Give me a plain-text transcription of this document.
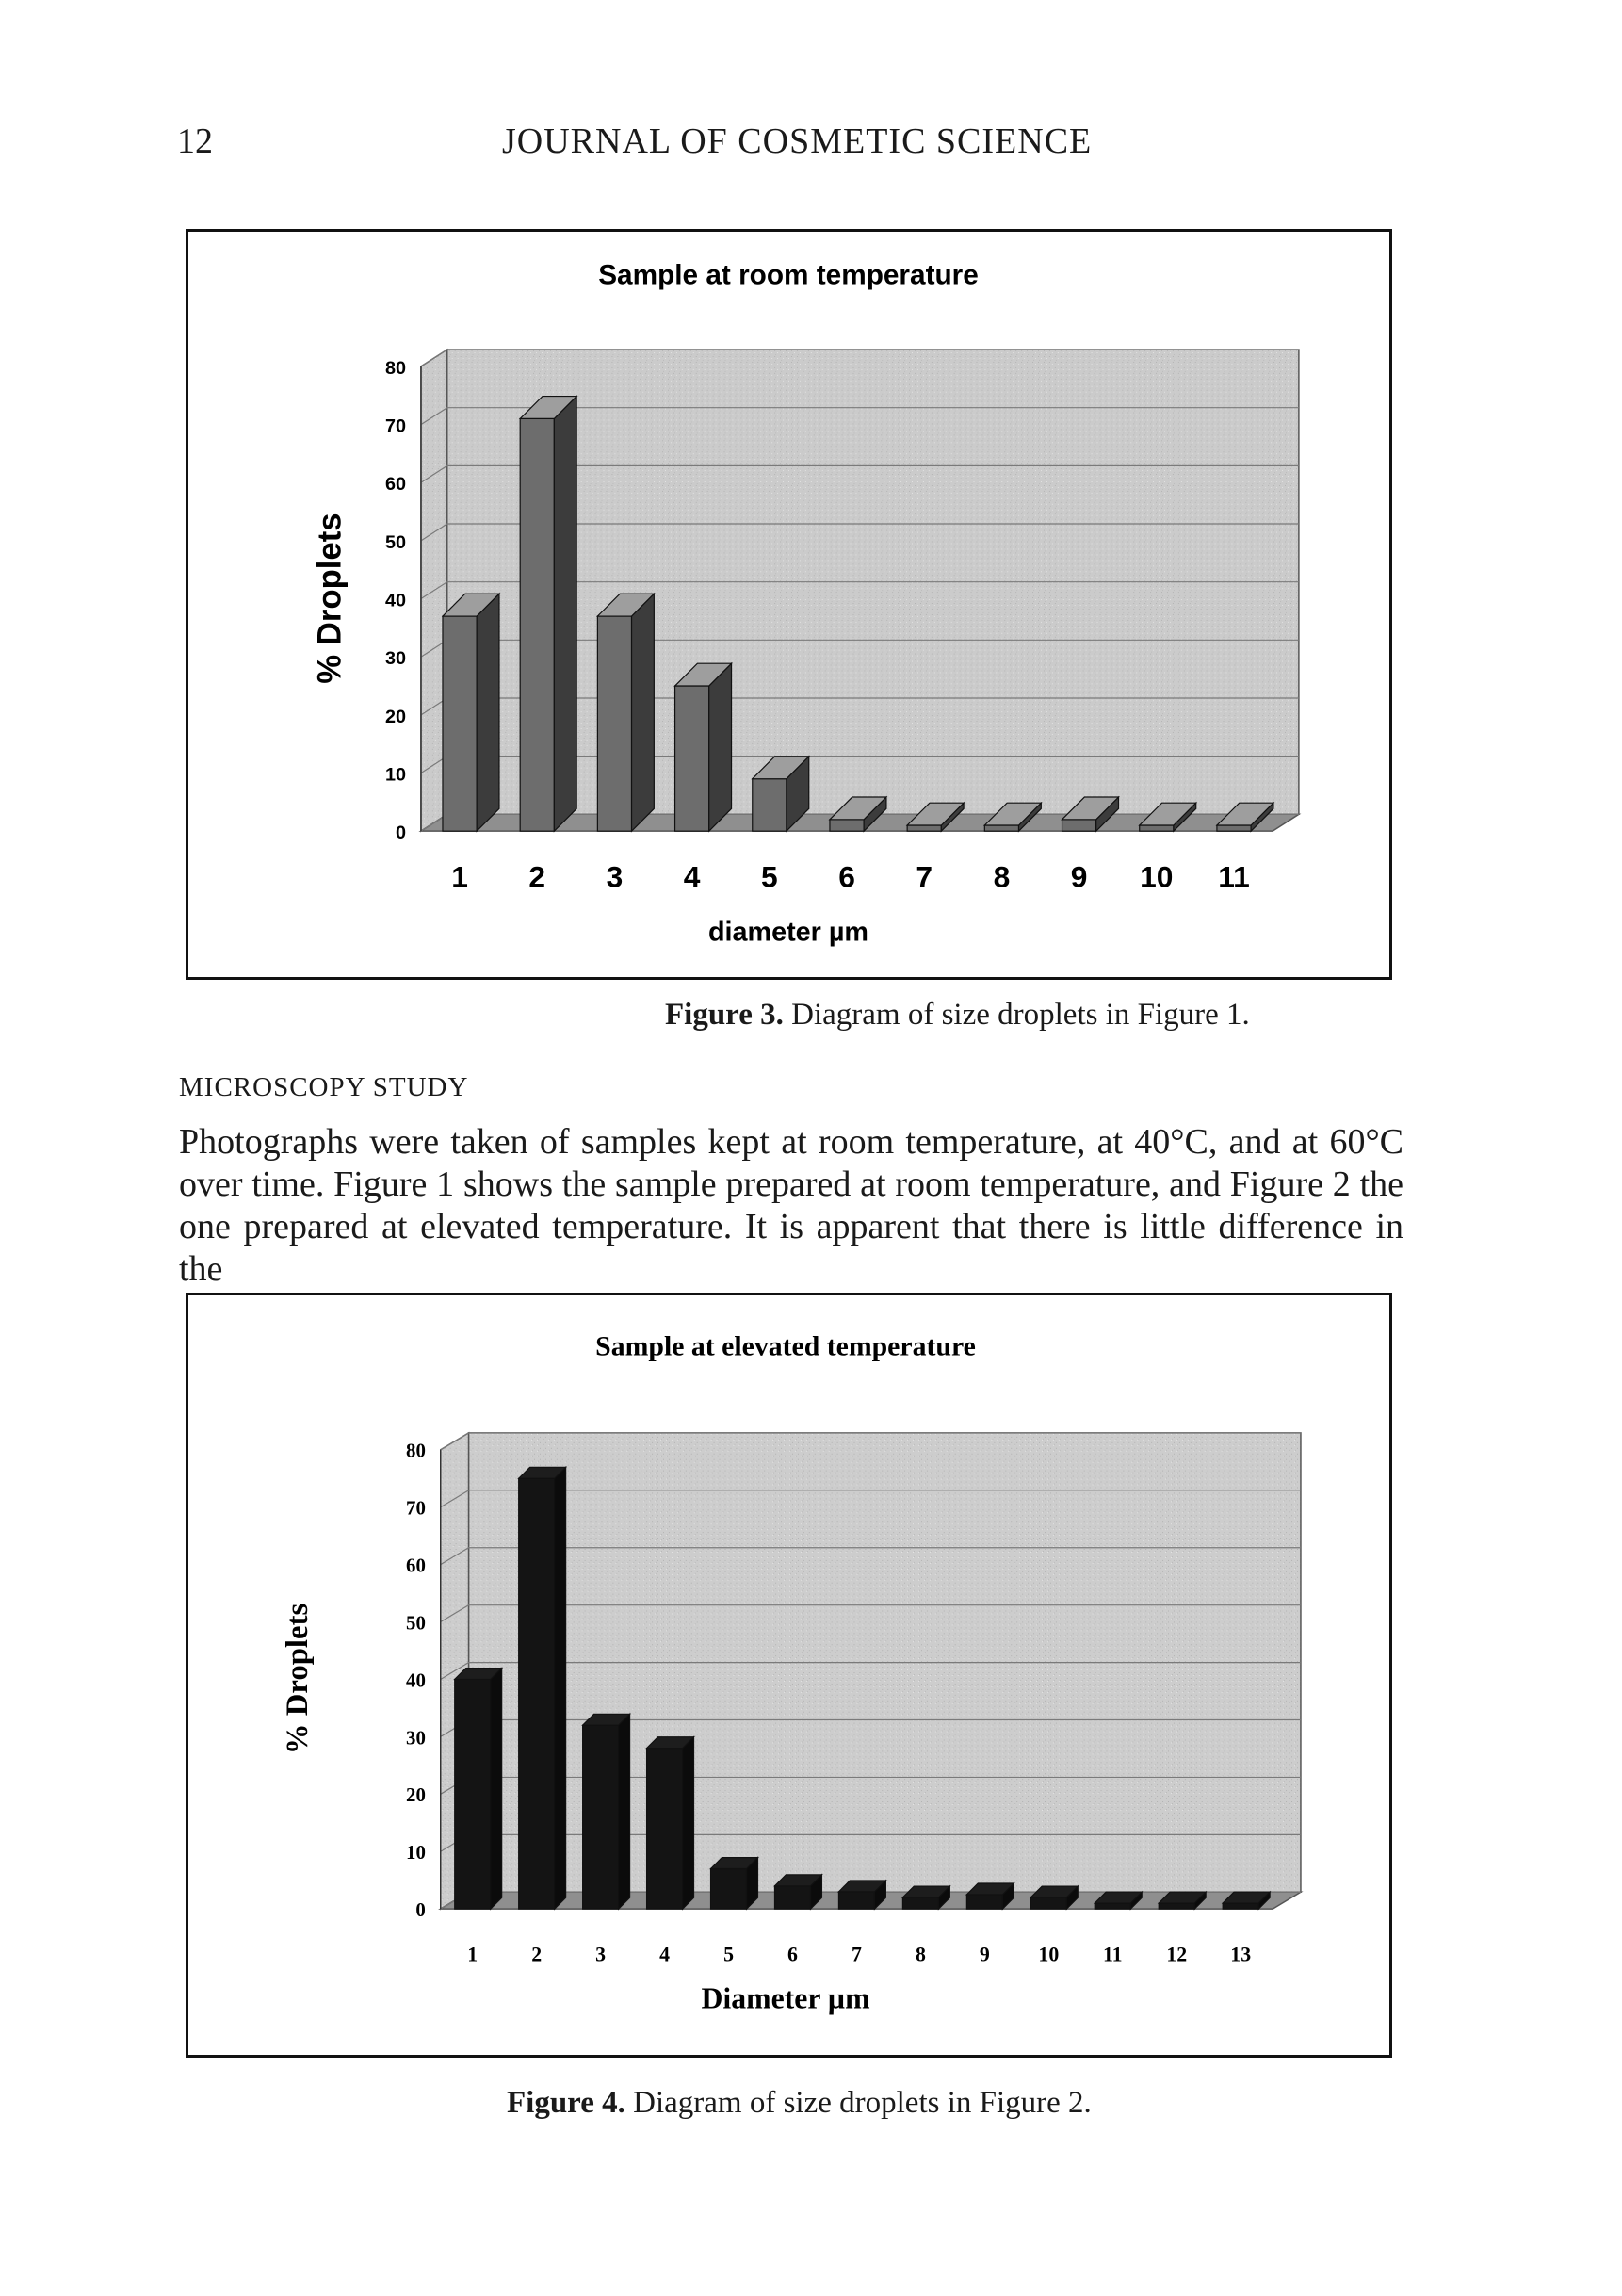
12	JOURNAL OF COSMETIC SCIENCE
0
10
20
30
40
50
60
70
80
1 2 3 4 5 6 7 8 9 10 11
Sample at room temperature
diameter µm
% Droplets
Figure 3. Diagram of size droplets in Figure 1.
MICROSCOPY STUDY
Photographs were taken of samples kept at room temperature, at 40°C, and at 60°C over time. Figure 1 shows the sample prepared at room temperature, and Figure 2 the one prepared at elevated temperature. It is apparent that there is little difference in the
0
10
20
30
40
50
60
70
80
1	2	3	4	5	6	7	8	9 10 11 12 13
Sample at elevated temperature
Diameter µm
% Droplets
Figure 4. Diagram of size droplets in Figure 2.
